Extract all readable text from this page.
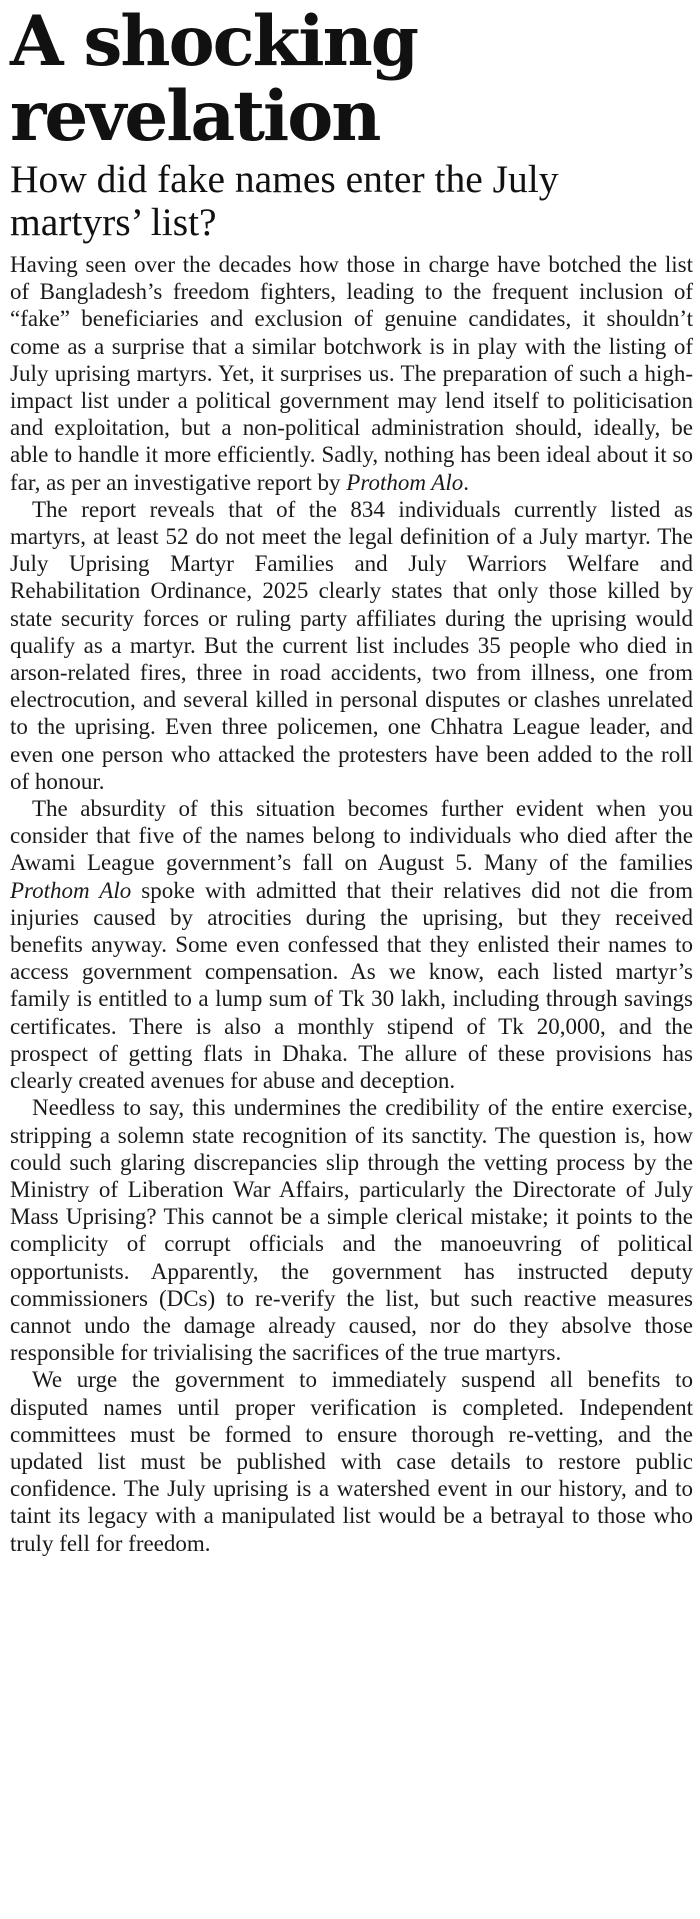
A shocking revelation
How did fake names enter the July martyrs’ list?

Having seen over the decades how those in charge have botched the list of Bangladesh’s freedom fighters, leading to the frequent inclusion of “fake” beneficiaries and exclusion of genuine candidates, it shouldn’t come as a surprise that a similar botchwork is in play with the listing of July uprising martyrs. Yet, it surprises us. The preparation of such a high-impact list under a political government may lend itself to politicisation and exploitation, but a non-political administration should, ideally, be able to handle it more efficiently. Sadly, nothing has been ideal about it so far, as per an investigative report by Prothom Alo.

The report reveals that of the 834 individuals currently listed as martyrs, at least 52 do not meet the legal definition of a July martyr. The July Uprising Martyr Families and July Warriors Welfare and Rehabilitation Ordinance, 2025 clearly states that only those killed by state security forces or ruling party affiliates during the uprising would qualify as a martyr. But the current list includes 35 people who died in arson-related fires, three in road accidents, two from illness, one from electrocution, and several killed in personal disputes or clashes unrelated to the uprising. Even three policemen, one Chhatra League leader, and even one person who attacked the protesters have been added to the roll of honour.

The absurdity of this situation becomes further evident when you consider that five of the names belong to individuals who died after the Awami League government’s fall on August 5. Many of the families Prothom Alo spoke with admitted that their relatives did not die from injuries caused by atrocities during the uprising, but they received benefits anyway. Some even confessed that they enlisted their names to access government compensation. As we know, each listed martyr’s family is entitled to a lump sum of Tk 30 lakh, including through savings certificates. There is also a monthly stipend of Tk 20,000, and the prospect of getting flats in Dhaka. The allure of these provisions has clearly created avenues for abuse and deception.

Needless to say, this undermines the credibility of the entire exercise, stripping a solemn state recognition of its sanctity. The question is, how could such glaring discrepancies slip through the vetting process by the Ministry of Liberation War Affairs, particularly the Directorate of July Mass Uprising? This cannot be a simple clerical mistake; it points to the complicity of corrupt officials and the manoeuvring of political opportunists. Apparently, the government has instructed deputy commissioners (DCs) to re-verify the list, but such reactive measures cannot undo the damage already caused, nor do they absolve those responsible for trivialising the sacrifices of the true martyrs.

We urge the government to immediately suspend all benefits to disputed names until proper verification is completed. Independent committees must be formed to ensure thorough re-vetting, and the updated list must be published with case details to restore public confidence. The July uprising is a watershed event in our history, and to taint its legacy with a manipulated list would be a betrayal to those who truly fell for freedom.
